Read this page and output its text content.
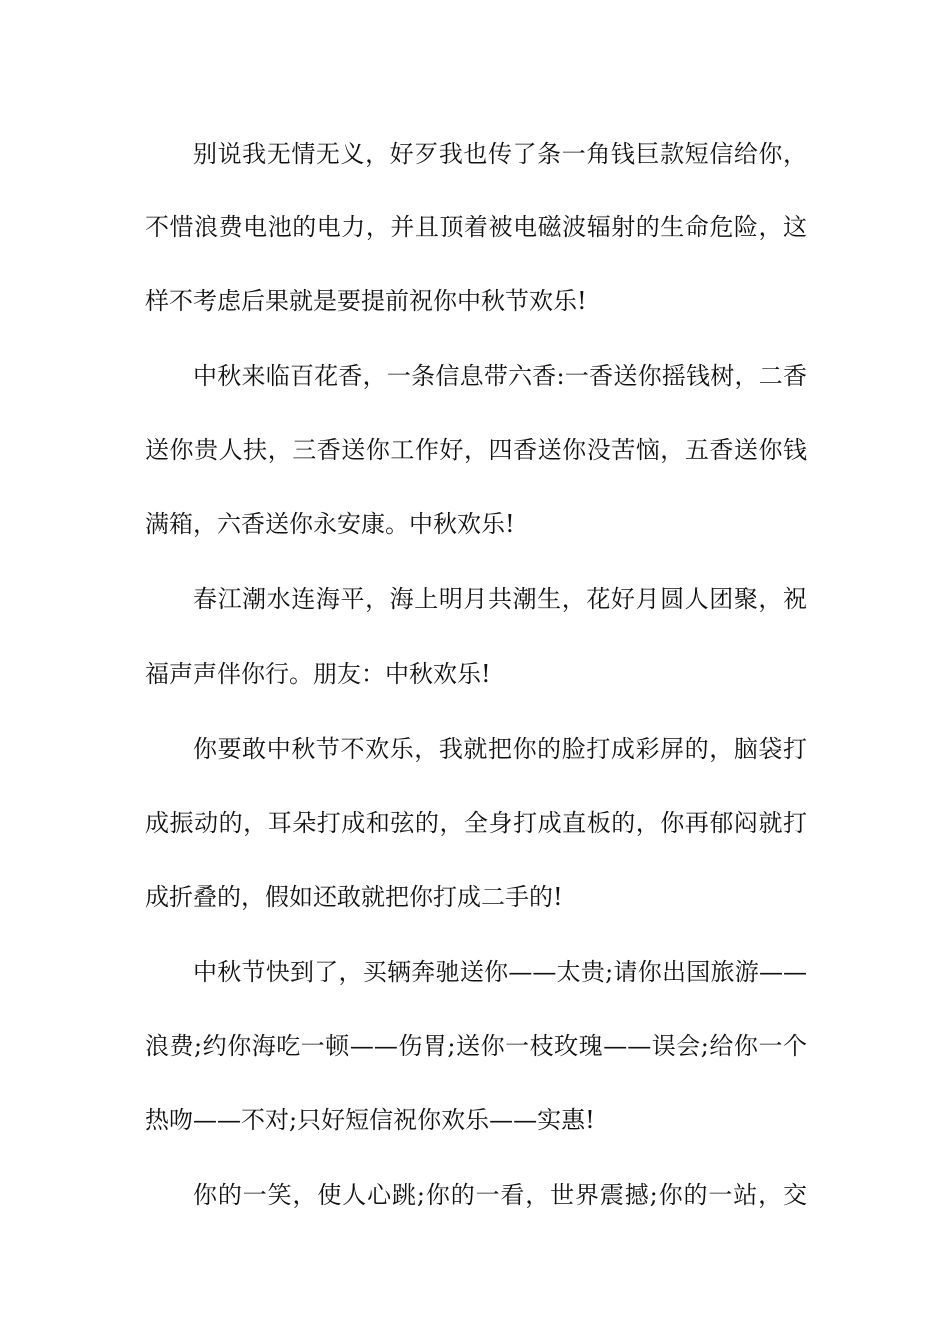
别说我无情无义，好歹我也传了条一角钱巨款短信给你，
不惜浪费电池的电力，并且顶着被电磁波辐射的生命危险，这
样不考虑后果就是要提前祝你中秋节欢乐!
中秋来临百花香，一条信息带六香:一香送你摇钱树，二香
送你贵人扶，三香送你工作好，四香送你没苦恼，五香送你钱
满箱，六香送你永安康。中秋欢乐!
春江潮水连海平，海上明月共潮生，花好月圆人团聚，祝
福声声伴你行。朋友：中秋欢乐!
你要敢中秋节不欢乐，我就把你的脸打成彩屏的，脑袋打
成振动的，耳朵打成和弦的，全身打成直板的，你再郁闷就打
成折叠的，假如还敢就把你打成二手的!
中秋节快到了，买辆奔驰送你——太贵;请你出国旅游——
浪费;约你海吃一顿——伤胃;送你一枝玫瑰——误会;给你一个
热吻——不对;只好短信祝你欢乐——实惠!
你的一笑，使人心跳;你的一看，世界震撼;你的一站，交
